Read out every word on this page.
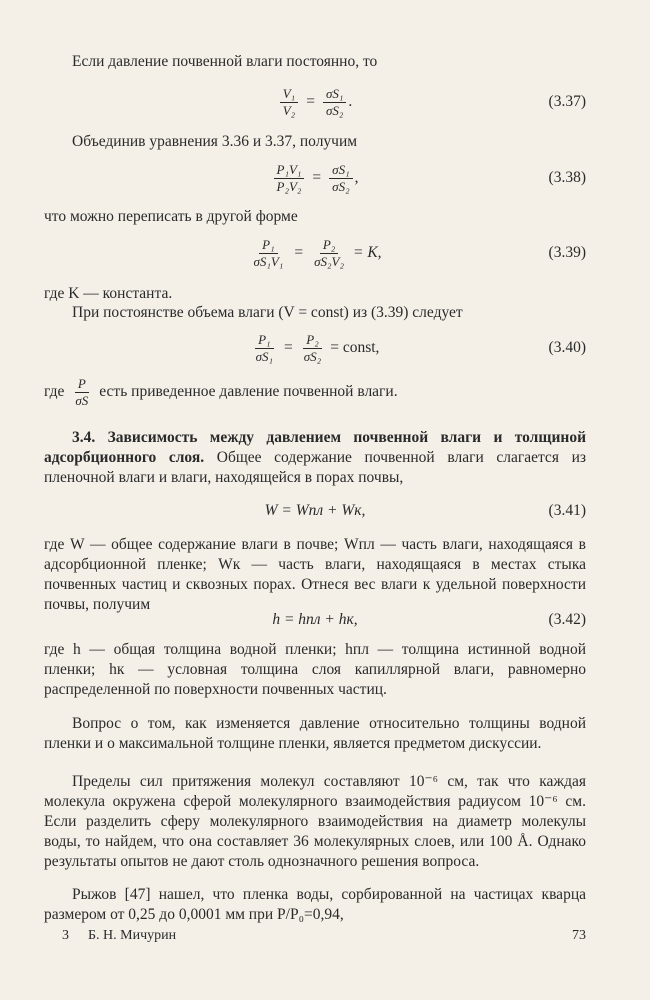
Если давление почвенной влаги постоянно, то

$\frac{\text{V₁}}{\text{V₂}} = \frac{\text{σS₁}}{\text{σS₂}}$ .	(3.37)

Объединив уравнения 3.36 и 3.37, получим

$\frac{\text{P₁V₁}}{\text{P₂V₂}} = \frac{\text{σS₁}}{\text{σS₂}}$ ,	(3.38)

что можно переписать в другой форме

$\frac{\text{P₁}}{\text{σS₁V₁}} = \frac{\text{P₂}}{\text{σS₂V₂}} = K$,	(3.39)

где K — константа.

При постоянстве объема влаги (V = const) из (3.39) следует

$\frac{\text{P₁}}{\text{σS₁}} = \frac{\text{P₂}}{\text{σS₂}}$ = const,	(3.40)

где $\frac{P}{\sigma S}$ есть приведенное давление почвенной влаги.

3.4. Зависимость между давлением почвенной влаги и толщиной адсорбционного слоя. Общее содержание почвенной влаги слагается из пленочной влаги и влаги, находящейся в порах почвы,

W = Wпл + Wк,	(3.41)

где W — общее содержание влаги в почве; Wпл — часть влаги, находящаяся в адсорбционной пленке; Wк — часть влаги, находящаяся в местах стыка почвенных частиц и сквозных порах. Отнеся вес влаги к удельной поверхности почвы, получим

h = hпл + hк,	(3.42)

где h — общая толщина водной пленки; hпл — толщина истинной водной пленки; hк — условная толщина слоя капиллярной влаги, равномерно распределенной по поверхности почвенных частиц.

Вопрос о том, как изменяется давление относительно толщины водной пленки и о максимальной толщине пленки, является предметом дискуссии.

Пределы сил притяжения молекул составляют 10⁻⁶ см, так что каждая молекула окружена сферой молекулярного взаимодействия радиусом 10⁻⁶ см. Если разделить сферу молекулярного взаимодействия на диаметр молекулы воды, то найдем, что она составляет 36 молекулярных слоев, или 100 Å. Однако результаты опытов не дают столь однозначного решения вопроса.

Рыжов [47] нашел, что пленка воды, сорбированной на частицах кварца размером от 0,25 до 0,0001 мм при P/P₀=0,94,

3 Б. Н. Мичурин	73
